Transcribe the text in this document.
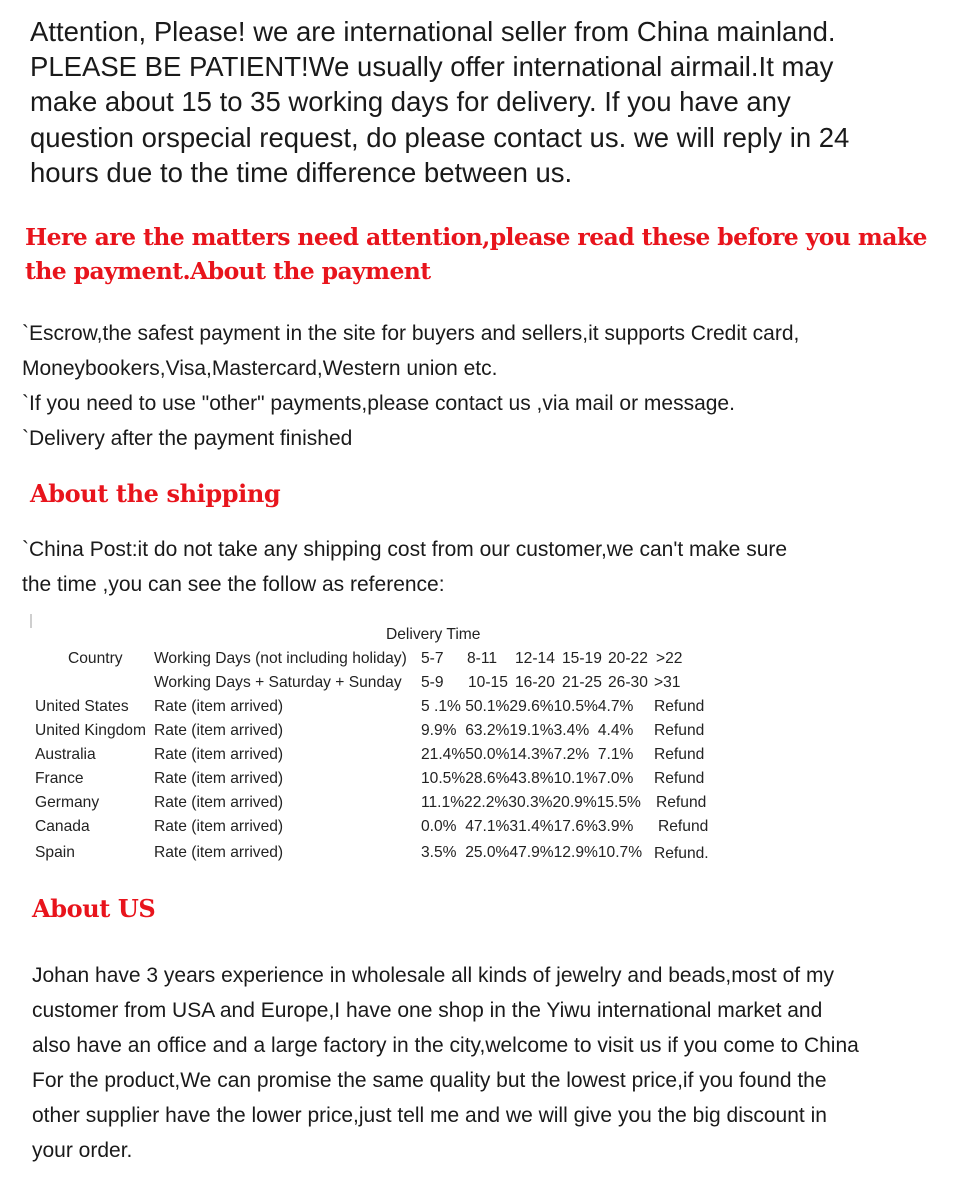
Attention, Please! we are international seller from China mainland.
PLEASE BE PATIENT!We usually offer international airmail.It may
make about 15 to 35 working days for delivery. If you have any
question orspecial request, do please contact us. we will reply in 24
hours due to the time difference between us.

Here are the matters need attention,please read these before you make
the payment.About the payment
`Escrow,the safest payment in the site for buyers and sellers,it supports Credit card,
Moneybookers,Visa,Mastercard,Western union etc.
`If you need to use "other" payments,please contact us ,via mail or message.
`Delivery after the payment finished
About the shipping
`China Post:it do not take any shipping cost from our customer,we can't make sure
the time ,you can see the follow as reference:
Delivery Time
Country Working Days (not including holiday) 5-7 8-11 12-14 15-19 20-22 >22
Working Days + Saturday + Sunday 5-9 10-15 16-20 21-25 26-30 >31
United States Rate (item arrived)	5 .1% 50.1%29.6%10.5%4.7% Refund
United Kingdom Rate (item arrived)	9.9%  63.2%19.1%3.4%  4.4% Refund
Australia	Rate (item arrived)	21.4%50.0%14.3%7.2%  7.1% Refund
France	Rate (item arrived)	10.5%28.6%43.8%10.1%7.0% Refund
Germany	Rate (item arrived)	11.1%22.2%30.3%20.9%15.5% Refund
Canada	Rate (item arrived)	0.0%  47.1%31.4%17.6%3.9% Refund
Spain	Rate (item arrived)	3.5%  25.0%47.9%12.9%10.7% Refund.
About US
Johan have 3 years experience in wholesale all kinds of jewelry and beads,most of my
customer from USA and Europe,I have one shop in the Yiwu international market and
also have an office and a large factory in the city,welcome to visit us if you come to China
For the product,We can promise the same quality but the lowest price,if you found the
other supplier have the lower price,just tell me and we will give you the big discount in
your order.
